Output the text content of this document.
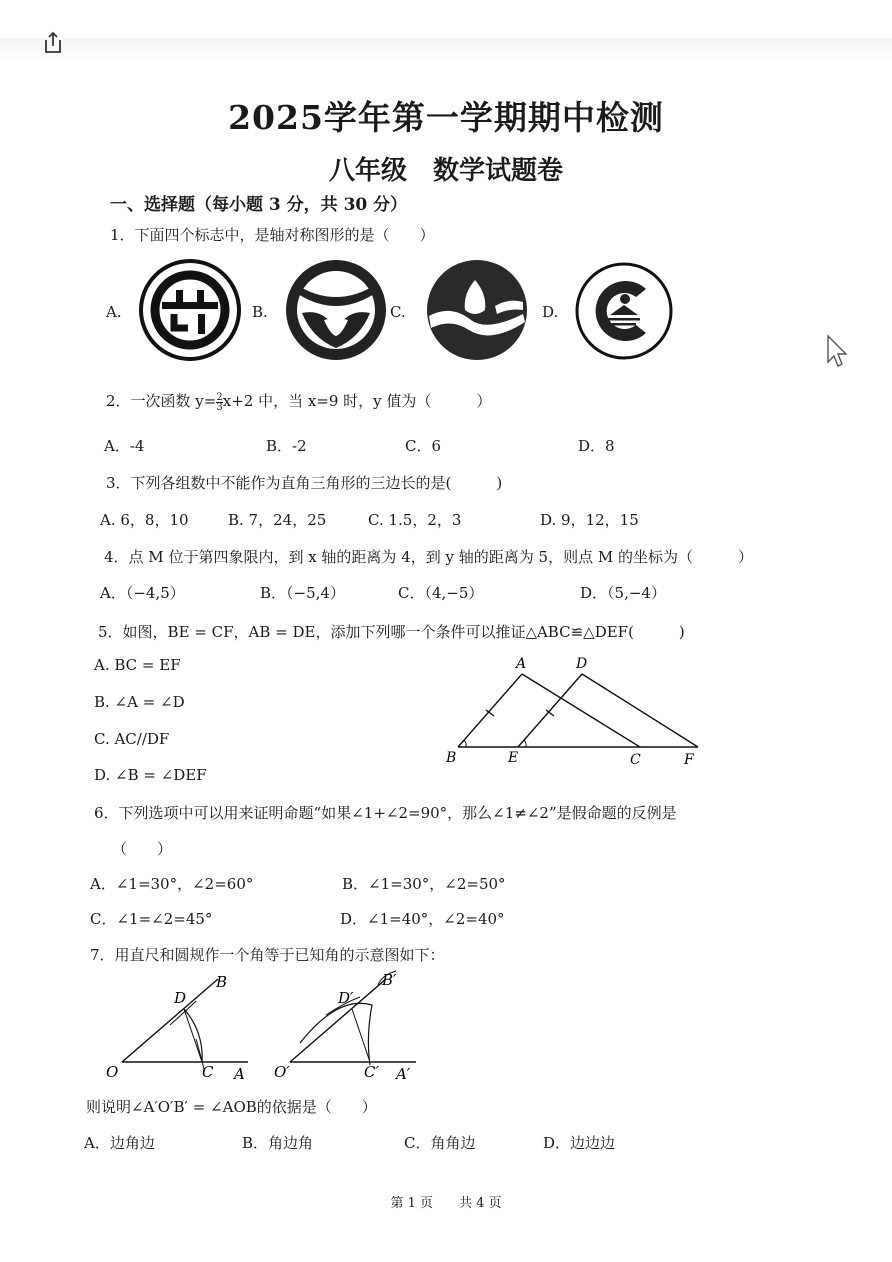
2025学年第一学期期中检测
八年级　数学试题卷
一、选择题（每小题 3 分，共 30 分）
1．下面四个标志中，是轴对称图形的是（　　）
A.	B.	C.	D.
2．一次函数 $y= \frac{2}{3} x+2$ 中，当 x=9 时，y 值为（　　　）
A．-4	B．-2	C．6	D．8
3．下列各组数中不能作为直角三角形的三边长的是(　　　)
A. 6，8，10	B. 7，24，25	C. 1.5，2，3	D. 9，12，15
4．点 M 位于第四象限内，到 x 轴的距离为 4，到 y 轴的距离为 5，则点 M 的坐标为（　　　）
A．（−4,5）	B．（−5,4）	C．（4,−5）	D．（5,−4）
5．如图，BE = CF，AB = DE，添加下列哪一个条件可以推证△ABC≌△DEF(　　　)
A. BC = EF
B. ∠A = ∠D
C. AC//DF
D. ∠B = ∠DEF
A	D
B	E	C	F
6．下列选项中可以用来证明命题“如果∠1+∠2=90°，那么∠1≠∠2”是假命题的反例是
（　　）
A．∠1=30°，∠2=60°	B．∠1=30°，∠2=50°
C．∠1=∠2=45°	D．∠1=40°，∠2=40°
7．用直尺和圆规作一个角等于已知角的示意图如下：
D
B
O	C A
D′
B′
O′	C′ A′
则说明∠A′O′B′ = ∠AOB的依据是（　　）
A．边角边	B．角边角	C．角角边	D．边边边
第 1 页　　共 4 页
